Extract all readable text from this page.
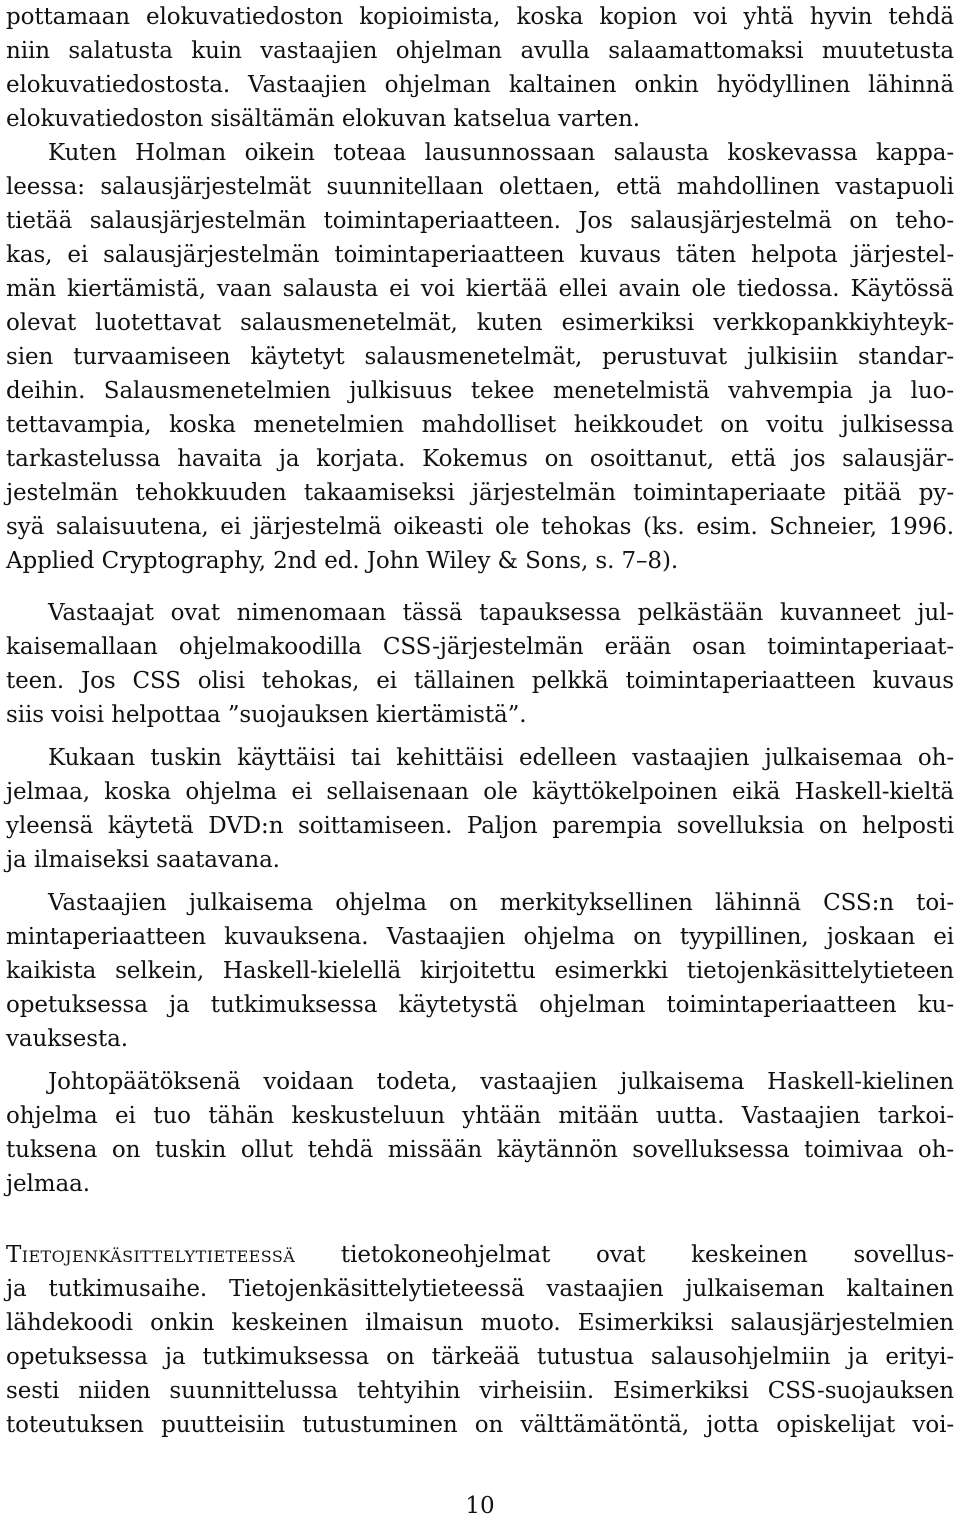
pottamaan elokuvatiedoston kopioimista, koska kopion voi yhtä hyvin tehdä
niin salatusta kuin vastaajien ohjelman avulla salaamattomaksi muutetusta
elokuvatiedostosta. Vastaajien ohjelman kaltainen onkin hyödyllinen lähinnä
elokuvatiedoston sisältämän elokuvan katselua varten.
Kuten Holman oikein toteaa lausunnossaan salausta koskevassa kappa-
leessa: salausjärjestelmät suunnitellaan olettaen, että mahdollinen vastapuoli
tietää salausjärjestelmän toimintaperiaatteen. Jos salausjärjestelmä on teho-
kas, ei salausjärjestelmän toimintaperiaatteen kuvaus täten helpota järjestel-
män kiertämistä, vaan salausta ei voi kiertää ellei avain ole tiedossa. Käytössä
olevat luotettavat salausmenetelmät, kuten esimerkiksi verkkopankkiyhteyk-
sien turvaamiseen käytetyt salausmenetelmät, perustuvat julkisiin standar-
deihin. Salausmenetelmien julkisuus tekee menetelmistä vahvempia ja luo-
tettavampia, koska menetelmien mahdolliset heikkoudet on voitu julkisessa
tarkastelussa havaita ja korjata. Kokemus on osoittanut, että jos salausjär-
jestelmän tehokkuuden takaamiseksi järjestelmän toimintaperiaate pitää py-
syä salaisuutena, ei järjestelmä oikeasti ole tehokas (ks. esim. Schneier, 1996.
Applied Cryptography, 2nd ed. John Wiley & Sons, s. 7–8).
Vastaajat ovat nimenomaan tässä tapauksessa pelkästään kuvanneet jul-
kaisemallaan ohjelmakoodilla CSS-järjestelmän erään osan toimintaperiaat-
teen. Jos CSS olisi tehokas, ei tällainen pelkkä toimintaperiaatteen kuvaus
siis voisi helpottaa ”suojauksen kiertämistä”.
Kukaan tuskin käyttäisi tai kehittäisi edelleen vastaajien julkaisemaa oh-
jelmaa, koska ohjelma ei sellaisenaan ole käyttökelpoinen eikä Haskell-kieltä
yleensä käytetä DVD:n soittamiseen. Paljon parempia sovelluksia on helposti
ja ilmaiseksi saatavana.
Vastaajien julkaisema ohjelma on merkityksellinen lähinnä CSS:n toi-
mintaperiaatteen kuvauksena. Vastaajien ohjelma on tyypillinen, joskaan ei
kaikista selkein, Haskell-kielellä kirjoitettu esimerkki tietojenkäsittelytieteen
opetuksessa ja tutkimuksessa käytetystä ohjelman toimintaperiaatteen ku-
vauksesta.
Johtopäätöksenä voidaan todeta, vastaajien julkaisema Haskell-kielinen
ohjelma ei tuo tähän keskusteluun yhtään mitään uutta. Vastaajien tarkoi-
tuksena on tuskin ollut tehdä missään käytännön sovelluksessa toimivaa oh-
jelmaa.
Tietojenkäsittelytieteessä tietokoneohjelmat ovat keskeinen sovellus-
ja tutkimusaihe. Tietojenkäsittelytieteessä vastaajien julkaiseman kaltainen
lähdekoodi onkin keskeinen ilmaisun muoto. Esimerkiksi salausjärjestelmien
opetuksessa ja tutkimuksessa on tärkeää tutustua salausohjelmiin ja erityi-
sesti niiden suunnittelussa tehtyihin virheisiin. Esimerkiksi CSS-suojauksen
toteutuksen puutteisiin tutustuminen on välttämätöntä, jotta opiskelijat voi-
10
